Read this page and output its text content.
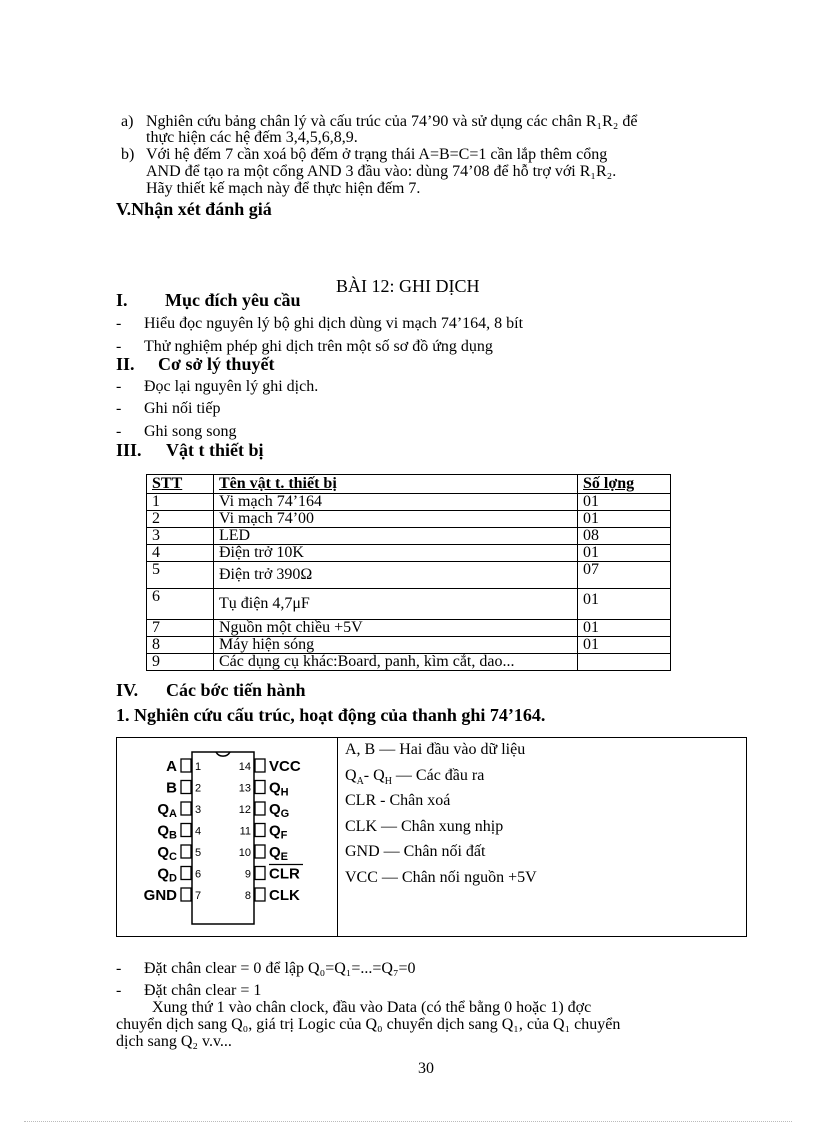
a) Nghiên cứu bảng chân lý và cấu trúc của 74’90 và sử dụng các chân R₁R₂ để
thực hiện các hệ đếm 3,4,5,6,8,9.
b) Với hệ đếm 7 cần xoá bộ đếm ở trạng thái A=B=C=1 cần lắp thêm cổng
AND để tạo ra một cổng AND 3 đầu vào: dùng 74’08 để hỗ trợ với R₁R₂.
Hãy thiết kế mạch này để thực hiện đếm 7.
V.Nhận xét đánh giá
BÀI 12: GHI DỊCH
I. Mục đích yêu cầu
- Hiểu đọc nguyên lý bộ ghi dịch dùng vi mạch 74’164, 8 bít
- Thử nghiệm phép ghi dịch trên một số sơ đồ ứng dụng
II. Cơ sở lý thuyết
- Đọc lại nguyên lý ghi dịch.
- Ghi nối tiếp
- Ghi song song
III. Vật t thiết bị
STT	Tên vật t. thiết bị	Số lợng
1	Vi mạch 74’164	01
2	Vi mạch 74’00	01
3	LED	08
4	Điện trở 10K	01
5	Điện trở 390Ω	07
6	Tụ điện 4,7μF	01
7	Nguồn một chiều +5V	01
8	Máy hiện sóng	01
9	Các dụng cụ khác:Board, panh, kìm cắt, dao...	
IV. Các bớc tiến hành
1. Nghiên cứu cấu trúc, hoạt động của thanh ghi 74’164.
1
A
2
B
3
$Q_A$
4
$Q_B$
5
$Q_C$
6
$Q_D$
7
GND
14 VCC
13 $Q_H$
12 $Q_G$
11 $Q_F$
10 $Q_E$
9 CLR
8 CLK
A, B — Hai đầu vào dữ liệu
$Q_A-$ $Q_H$ — Các đầu ra
CLR - Chân xoá
CLK — Chân xung nhịp
GND — Chân nối đất
VCC — Chân nối nguồn +5V
- Đặt chân clear = 0 để lập Q₀=Q₁=...=Q₇=0
- Đặt chân clear = 1
Xung thứ 1 vào chân clock, đầu vào Data (có thể bằng 0 hoặc 1) đợc
chuyển dịch sang Q₀, giá trị Logic của Q₀ chuyển dịch sang Q₁, của Q₁ chuyển
dịch sang Q₂ v.v...
30
